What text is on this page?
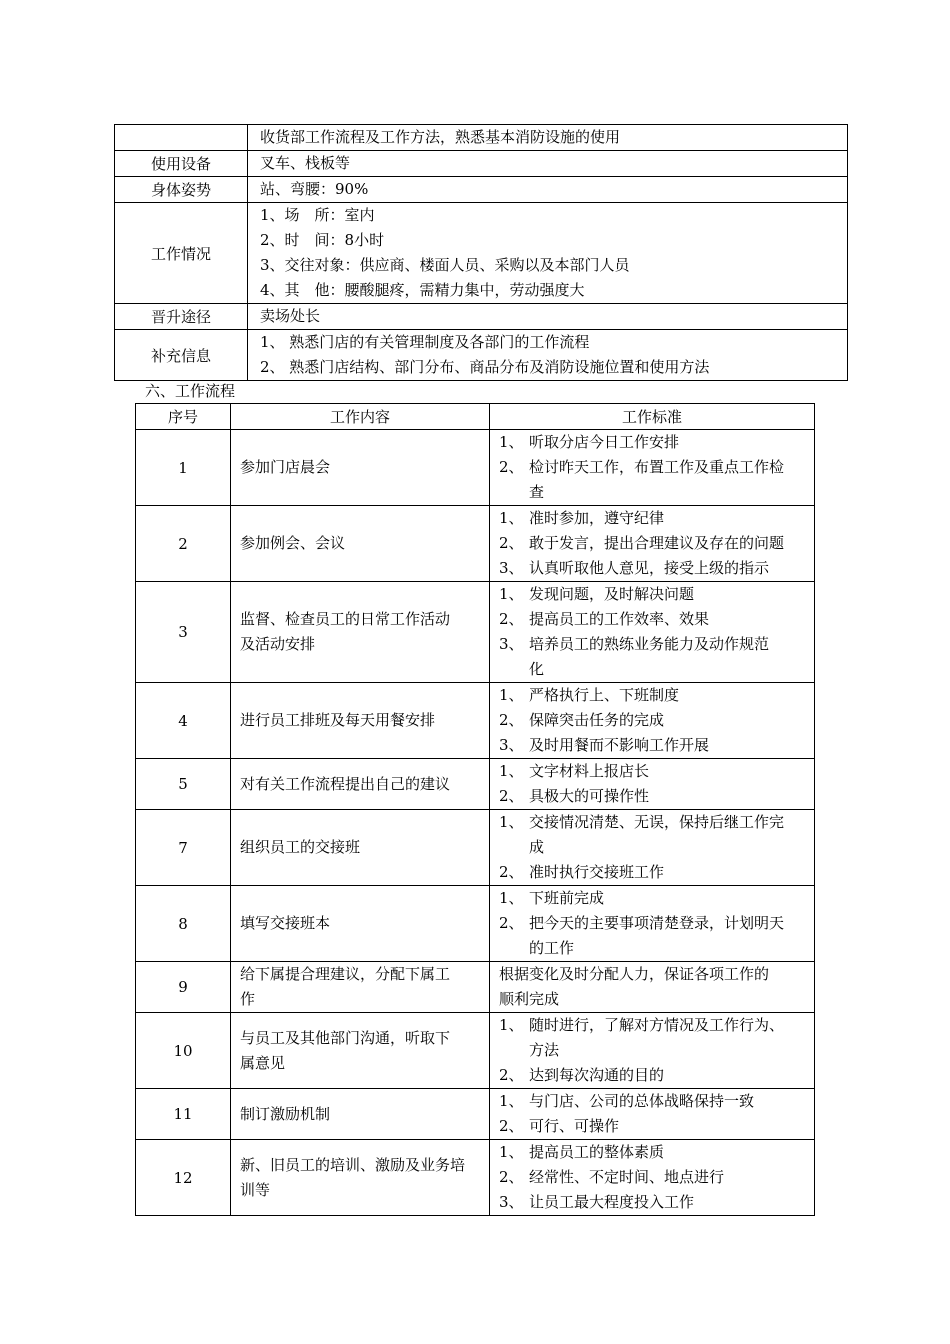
	收货部工作流程及工作方法，熟悉基本消防设施的使用

使用设备	叉车、栈板等

身体姿势	站、弯腰：90%

工作情况	1、场　所：室内
2、时　间：8小时
3、交往对象：供应商、楼面人员、采购以及本部门人员
4、其　他：腰酸腿疼，需精力集中，劳动强度大

晋升途径	卖场处长

补充信息	1、 熟悉门店的有关管理制度及各部门的工作流程
2、 熟悉门店结构、部门分布、商品分布及消防设施位置和使用方法
六、工作流程
序号	工作内容	工作标准
1	参加门店晨会	1、 听取分店今日工作安排
2、 检讨昨天工作，布置工作及重点工作检
查

2	参加例会、会议	1、 准时参加，遵守纪律
2、 敢于发言，提出合理建议及存在的问题
3、 认真听取他人意见，接受上级的指示

3	监督、检查员工的日常工作活动
及活动安排	1、 发现问题，及时解决问题
2、 提高员工的工作效率、效果
3、 培养员工的熟练业务能力及动作规范
化

4	进行员工排班及每天用餐安排	1、 严格执行上、下班制度
2、 保障突击任务的完成
3、 及时用餐而不影响工作开展

5	对有关工作流程提出自己的建议	1、 文字材料上报店长
2、 具极大的可操作性

7	组织员工的交接班	1、 交接情况清楚、无误，保持后继工作完
成
2、 准时执行交接班工作

8	填写交接班本	1、 下班前完成
2、 把今天的主要事项清楚登录，计划明天
的工作

9	给下属提合理建议，分配下属工
作	根据变化及时分配人力，保证各项工作的
顺利完成

10	与员工及其他部门沟通，听取下
属意见	1、 随时进行，了解对方情况及工作行为、
方法
2、 达到每次沟通的目的

11	制订激励机制	1、 与门店、公司的总体战略保持一致
2、 可行、可操作

12	新、旧员工的培训、激励及业务培
训等	1、 提高员工的整体素质
2、 经常性、不定时间、地点进行
3、 让员工最大程度投入工作
